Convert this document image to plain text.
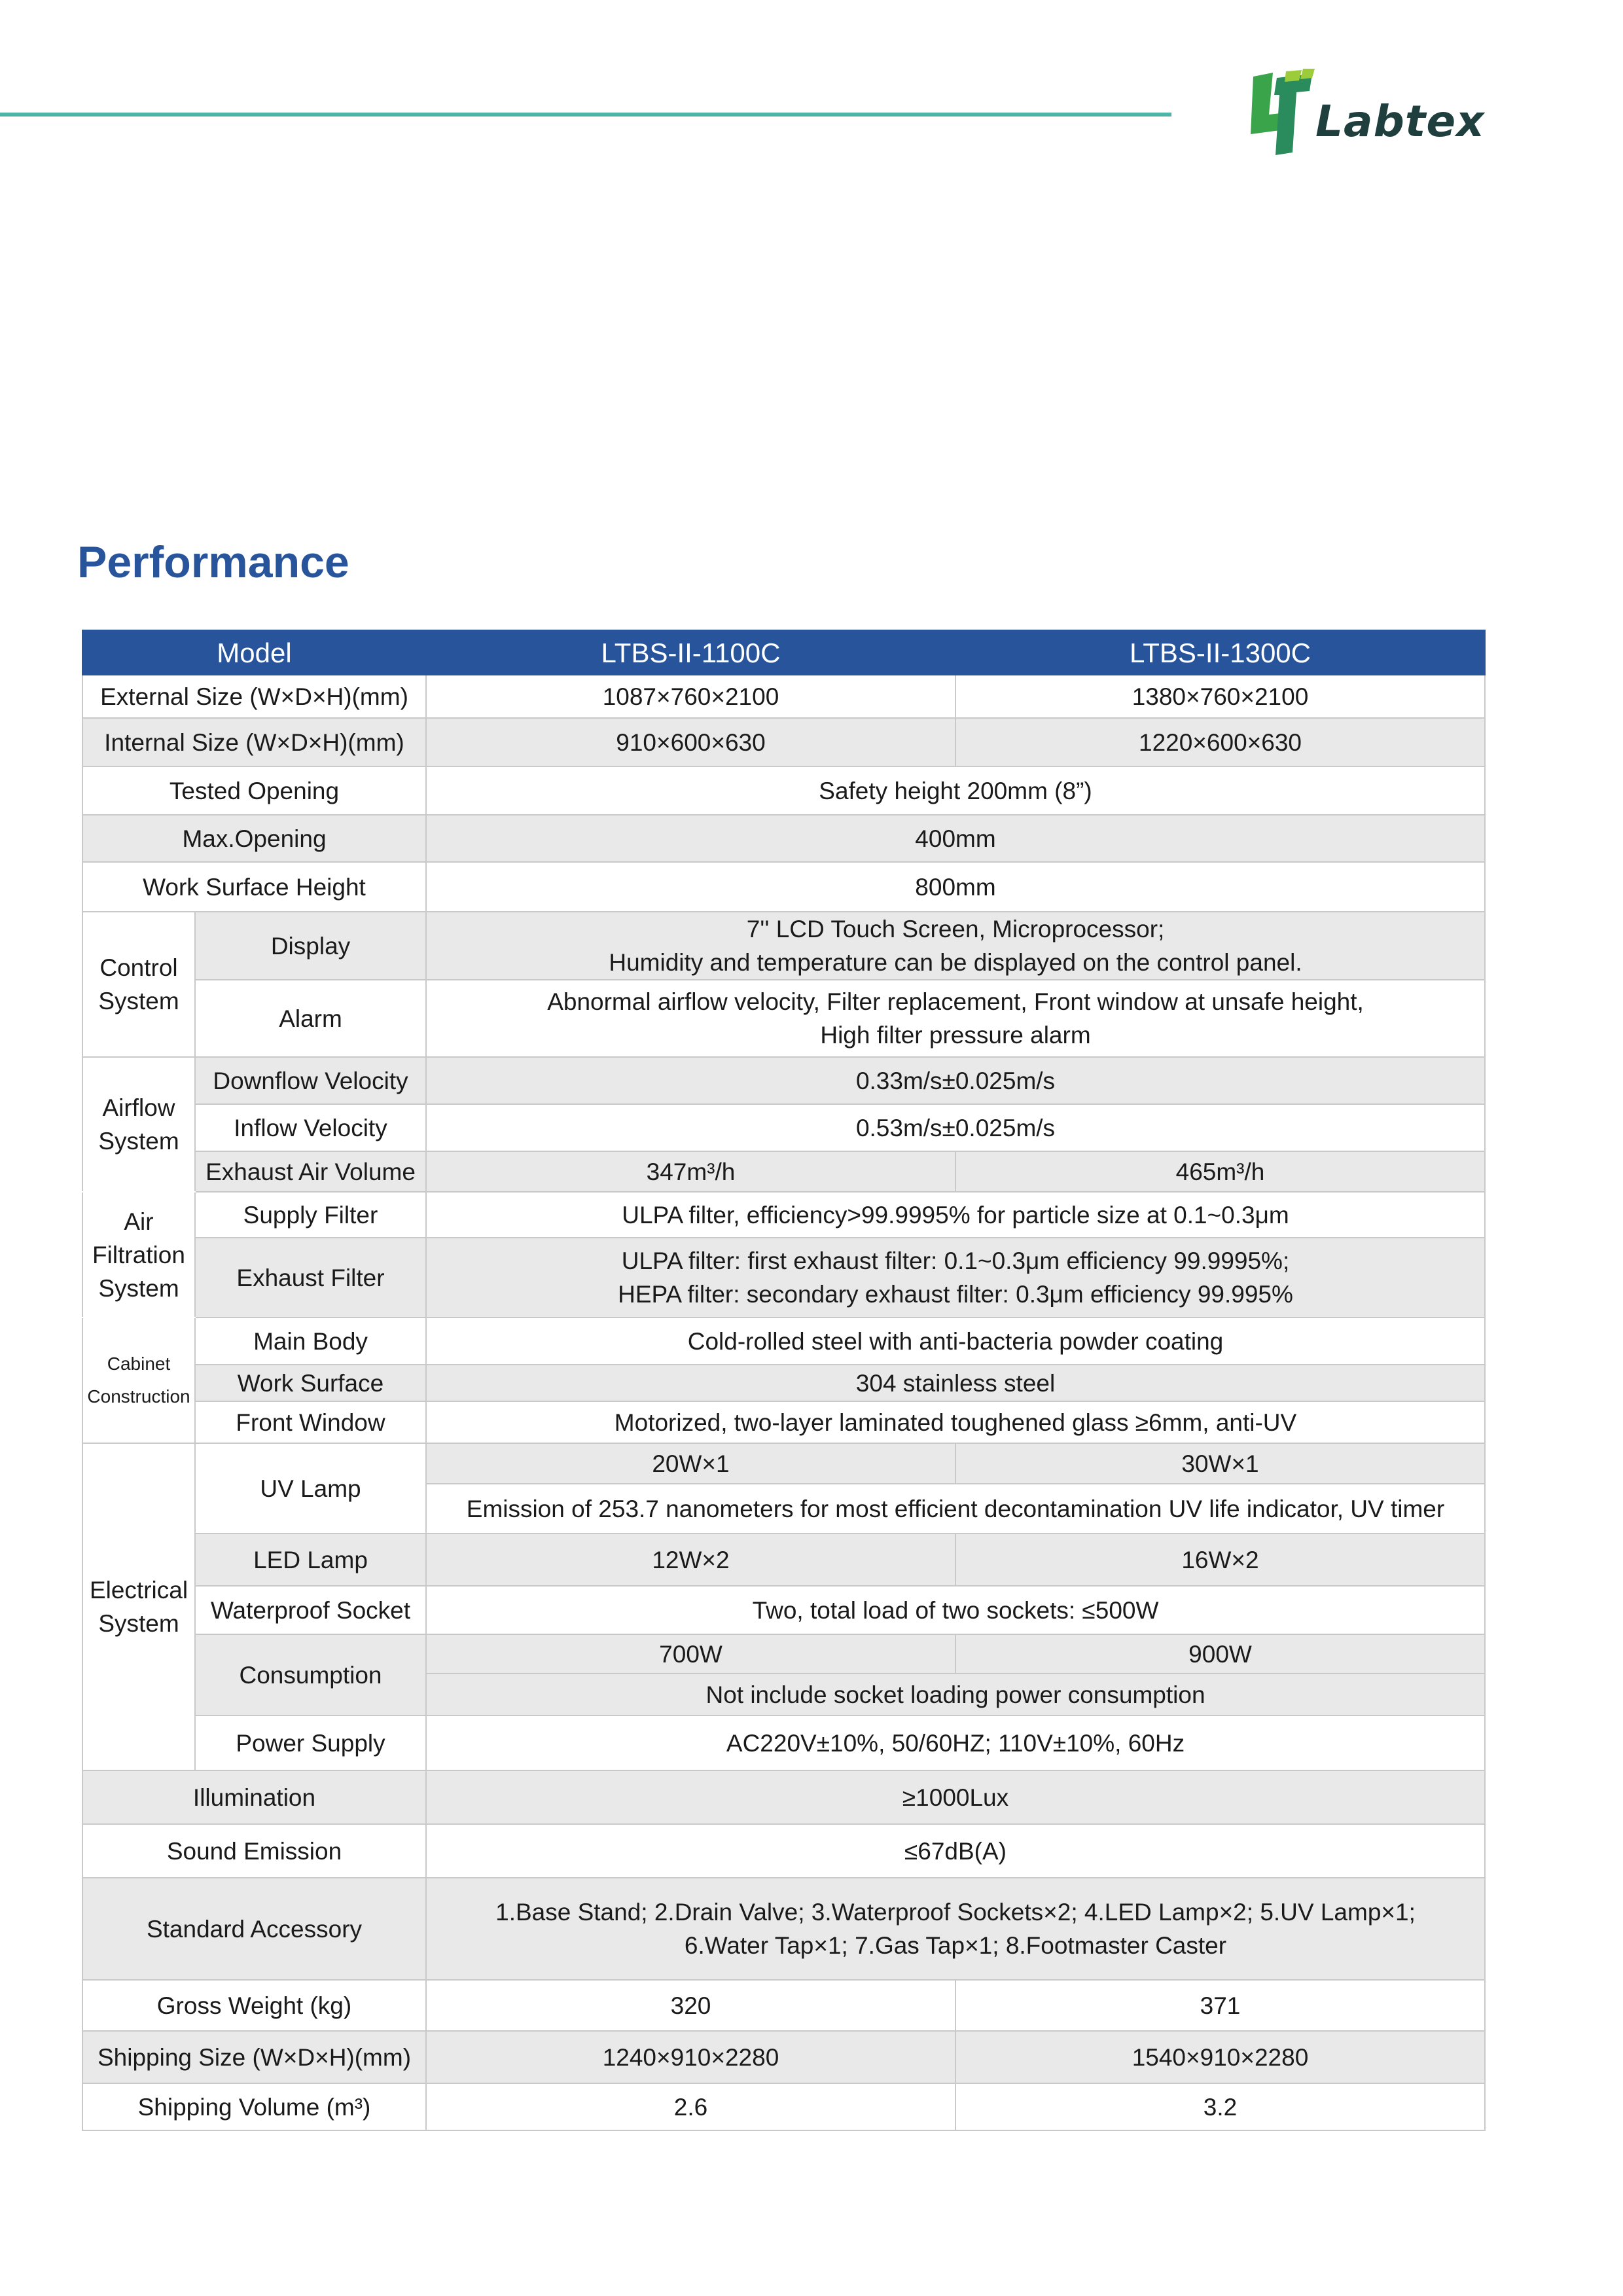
Labtex
Performance
Model		LTBS-II-1100C	LTBS-II-1300C
External Size (W×D×H)(mm)		1087×760×2100	1380×760×2100
Internal Size (W×D×H)(mm)		910×600×630	1220×600×630
Tested Opening		Safety height 200mm (8”)	
Max.Opening		400mm	
Work Surface Height		800mm	

Control
System	Display	7'' LCD Touch Screen, Microprocessor;
Humidity and temperature can be displayed on the control panel.	

	Alarm	Abnormal airflow velocity, Filter replacement, Front window at unsafe height,
High filter pressure alarm	

Airflow
System	Downflow Velocity	0.33m/s±0.025m/s	
	Inflow Velocity	0.53m/s±0.025m/s	
	Exhaust Air Volume	347m³/h	465m³/h

Air
Filtration
System	Supply Filter	ULPA filter, efficiency>99.9995% for particle size at 0.1~0.3μm	
	Exhaust Filter	ULPA filter: first exhaust filter: 0.1~0.3μm efficiency 99.9995%;
HEPA filter: secondary exhaust filter: 0.3μm efficiency 99.995%	

Cabinet
Construction	Main Body	Cold-rolled steel with anti-bacteria powder coating	
	Work Surface	304 stainless steel	
	Front Window	Motorized, two-layer laminated toughened glass ≥6mm, anti-UV	

Electrical
System	UV Lamp	20W×1	30W×1
		Emission of 253.7 nanometers for most efficient decontamination UV life indicator, UV timer	
	LED Lamp	12W×2	16W×2
	Waterproof Socket	Two, total load of two sockets: ≤500W	
	Consumption	700W	900W
		Not include socket loading power consumption	
	Power Supply	AC220V±10%, 50/60HZ; 110V±10%, 60Hz	
Illumination		≥1000Lux	
Sound Emission		≤67dB(A)	
Standard Accessory		1.Base Stand; 2.Drain Valve; 3.Waterproof Sockets×2; 4.LED Lamp×2; 5.UV Lamp×1;
6.Water Tap×1; 7.Gas Tap×1; 8.Footmaster Caster	

Gross Weight (kg)		320	371
Shipping Size (W×D×H)(mm)		1240×910×2280	1540×910×2280
Shipping Volume (m³)		2.6	3.2
